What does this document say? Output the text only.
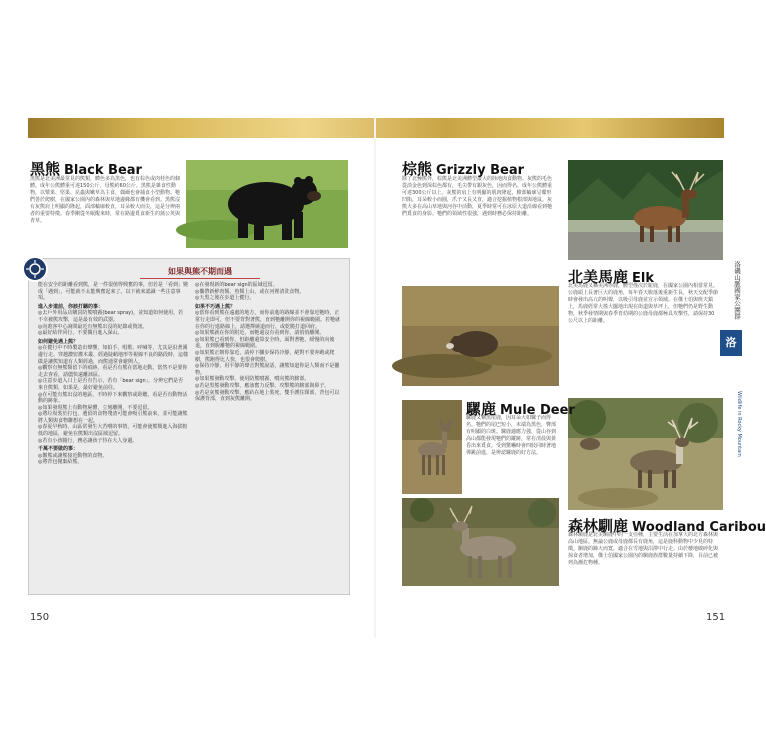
黑熊 Black Bear

黑熊是北美洲最常見的熊類，體色多為黑色，也有棕色或肉桂色的個體。成年公熊體重可達150公斤，母熊約60公斤。黑熊是雜食性動物，以漿果、堅果、昆蟲與嫩草為主食，偶爾也會捕食小型動物。牠們善於爬樹，在國家公園內的森林與草地邊緣都有機會看到。黑熊沒有灰熊肩上明顯的隆起，面部輪廓較直，耳朵較大而尖，這是分辨兩者的重要特徵。春季剛從冬眠醒來時，常在路邊覓食新生的蒲公英與青草。

如果與熊不期而遇

能在安全的距離看到熊，是一件很值得興奮的事，但若是「看到」變成「遇到」，可能就不太能興奮起來了。以下就來認識一些注意事項。

進入步道前，你該打聽的事：

◎去戶外用品店購買防熊噴霧(bear spray)，並知道如何使用，若不幸被熊攻擊，這是最有效的武器。

◎向遊客中心詢問最近有無熊出沒的紀錄或資訊。

◎最好結伴同行，不要獨自進入深山。

如何避免遇上熊？

◎在健行中不時製造出聲響，如拍手、唱歌、呼喊等，尤其是沿著溪邊行走、穿越濃密灌木叢、經過陡峭地形等視線不良的路段時，這樣做是讓熊知道有人類經過，而熊通常會避開人。

◎觀察有無熊類留下的痕跡，看是否有熊在當地走動。當然不是要你走去查看，請儘快遠離該區。

◎注意步道入口上是否有告示，若有「bear sign」，分辨它們是否來自熊類，如果是，最好避免前往。

◎在可能有熊出沒的地區，不時停下來觀察或聆聽，看是否有動物活動的跡象。

◎如果發現熊上有動物屍體，立刻離開，不要逗留。

◎將垃圾裝於打包，遺留的食物殘渣可能會吸引熊前來，並可能讓熊將人類與食物聯想在一起。

◎春夏早秋時，山區常發生大苦嚐的事情，可能會使熊類進入海拔較低的地區，避免在熊類出沒區域逗留。

◎若有小孩隨行，務必讓孩子待在大人身邊。

千萬不要做的事：

◎餵熊或讓熊接近動物的食物。

◎將背包拋棄給熊。

◎在發現新的bear sign的區域逗留。

◎攜帶新鮮肉類、魚類上山，或在河裡清洗食物。

◎天黑之後在步道上健行。

如果不巧遇上熊？

◎當你看到熊在遠處的地方，而你前進的路線並不會靠近牠時，正常行走即可，但不要背對著熊，直到牠離開你的視線範圍。若牠就在你的行進路線上，請選擇繞道而行，或乾脆打道回府。

◎如果熊就在你的附近，而牠還沒有看到你，請悄悄離開。

◎如果熊已看到你，但距離還算安全時，面對著牠，緩慢的向後退，直到脫離牠的視線範圍。

◎如果熊正朝你靠近，請停下腳步保持冷靜，絕對不要奔跑或爬樹，熊跑得比人快，也很會爬樹。

◎保持冷靜，用平靜的聲音對熊說話，讓熊知道你是人類而不是獵物。

◎如果熊發動攻擊，使用防熊噴霧，噴向熊的臉部。

◎若是黑熊發動攻擊，應該奮力反擊，攻擊熊的臉部與鼻子。

◎若是灰熊發動攻擊，應趴在地上裝死，雙手護住頸部，背包可以保護背部，直到灰熊離開。

150
棕熊 Grizzly Bear

除了北極熊外，棕熊是北美洲體型最大的陸地肉食動物。灰熊的毛色從淡金色到深棕色都有，毛尖帶有銀灰色，因而得名。成年公熊體重可達300公斤以上。灰熊的肩上有明顯的肌肉隆起，臉部輪廓呈碟形凹陷，耳朵較小而圓，爪子又長又直，適合挖掘植物根部與地鼠。灰熊大多在高山草地與河谷中活動，夏季時常可在冰原大道沿線看到牠們覓食的身影。牠們的領域性很強，遇到時務必保持距離。

北美馬鹿 Elk

北美馬鹿又稱美洲赤鹿，體型僅次於駝鹿，在國家公園內相當常見。公鹿頭上長著巨大的鹿角，每年春天脫落後重新生長，秋天交配季節時會發出高亢的叫聲，以吸引母鹿並宣示領域。在傑士伯與班夫鎮上，馬鹿經常大搖大擺地出現在街道與草坪上，但牠們仍是野生動物，秋季發情期與春季育幼期的公鹿母鹿都極具攻擊性，請保持30公尺以上的距離。

騾鹿 Mule Deer

騾鹿又稱黑尾鹿，因耳朵大如騾子而得名。牠們的尾巴短小，末端為黑色，臀部有明顯的白斑。騾鹿適應力強，從山谷到高山都能發現牠們的蹤跡，常在清晨與黃昏出來覓食。受到驚嚇時會四肢同時著地彈跳前進，是辨認騾鹿的好方法。

森林馴鹿 Woodland Caribou

森林馴鹿是北美馴鹿中的一支亞種，主要生活在加拿大的北方森林與高山地區。無論公鹿或母鹿都長有鹿角，這是鹿科動物中少見的特徵。馴鹿的蹄大而寬，適合在雪地與沼澤中行走。由於棲地破碎化與掠食者增加，傑士伯國家公園內的馴鹿族群數量持續下降，目前已被列為瀕危物種。

151
洛磯山脈國家公園群
洛
Wildlife in Rocky Mountain
